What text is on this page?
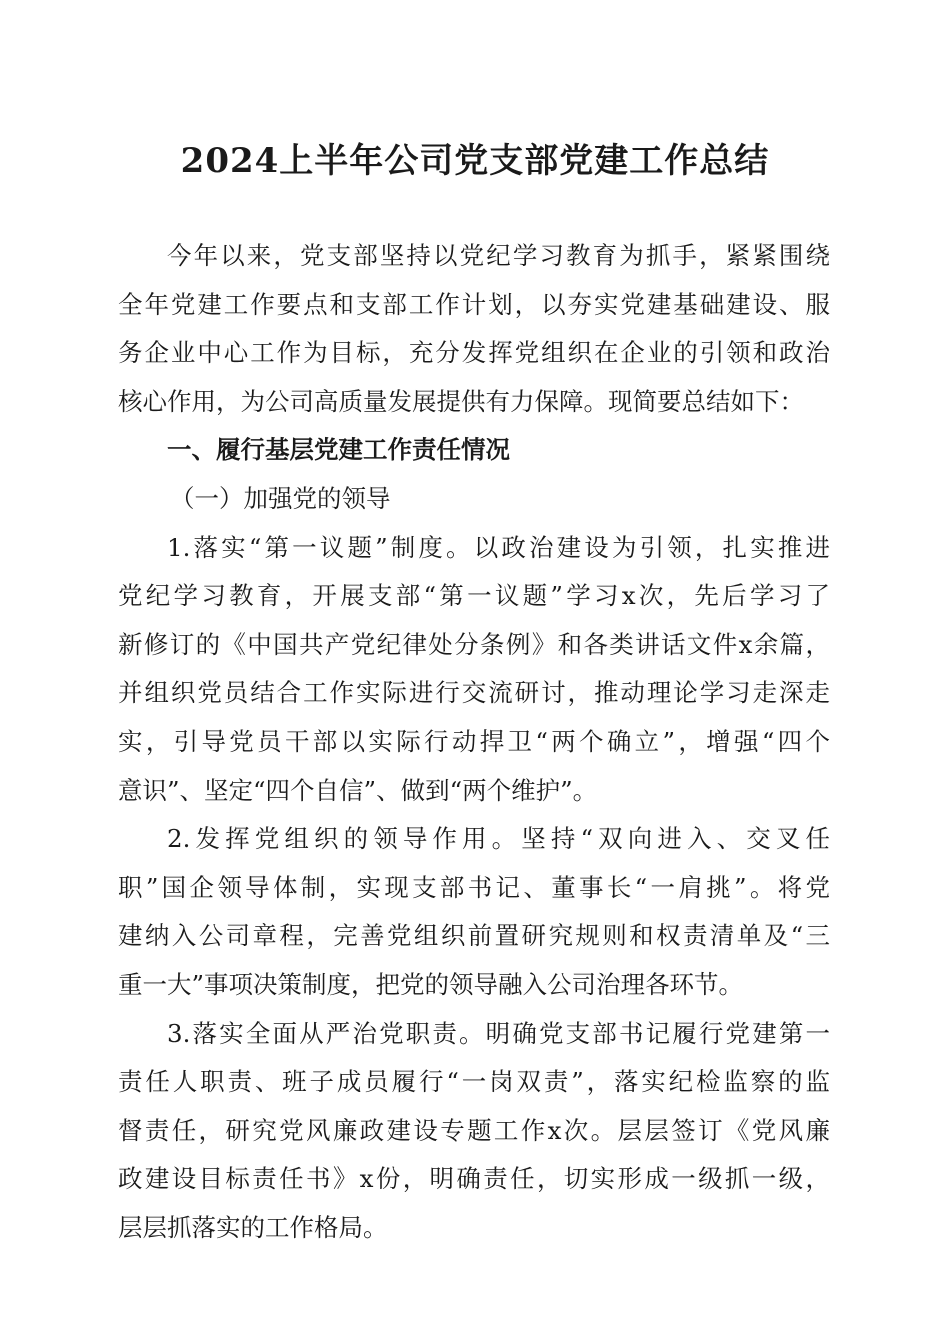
2024上半年公司党支部党建工作总结
今年以来，党支部坚持以党纪学习教育为抓手，紧紧围绕
全年党建工作要点和支部工作计划，以夯实党建基础建设、服
务企业中心工作为目标，充分发挥党组织在企业的引领和政治
核心作用，为公司高质量发展提供有力保障。现简要总结如下：
一、履行基层党建工作责任情况
（一）加强党的领导
1.落实“第一议题”制度。以政治建设为引领，扎实推进
党纪学习教育，开展支部“第一议题”学习x次，先后学习了
新修订的《中国共产党纪律处分条例》和各类讲话文件x余篇，
并组织党员结合工作实际进行交流研讨，推动理论学习走深走
实，引导党员干部以实际行动捍卫“两个确立”，增强“四个
意识”、坚定“四个自信”、做到“两个维护”。
2.发挥党组织的领导作用。坚持“双向进入、交叉任
职”国企领导体制，实现支部书记、董事长“一肩挑”。将党
建纳入公司章程，完善党组织前置研究规则和权责清单及“三
重一大”事项决策制度，把党的领导融入公司治理各环节。
3.落实全面从严治党职责。明确党支部书记履行党建第一
责任人职责、班子成员履行“一岗双责”，落实纪检监察的监
督责任，研究党风廉政建设专题工作x次。层层签订《党风廉
政建设目标责任书》x份，明确责任，切实形成一级抓一级，
层层抓落实的工作格局。
